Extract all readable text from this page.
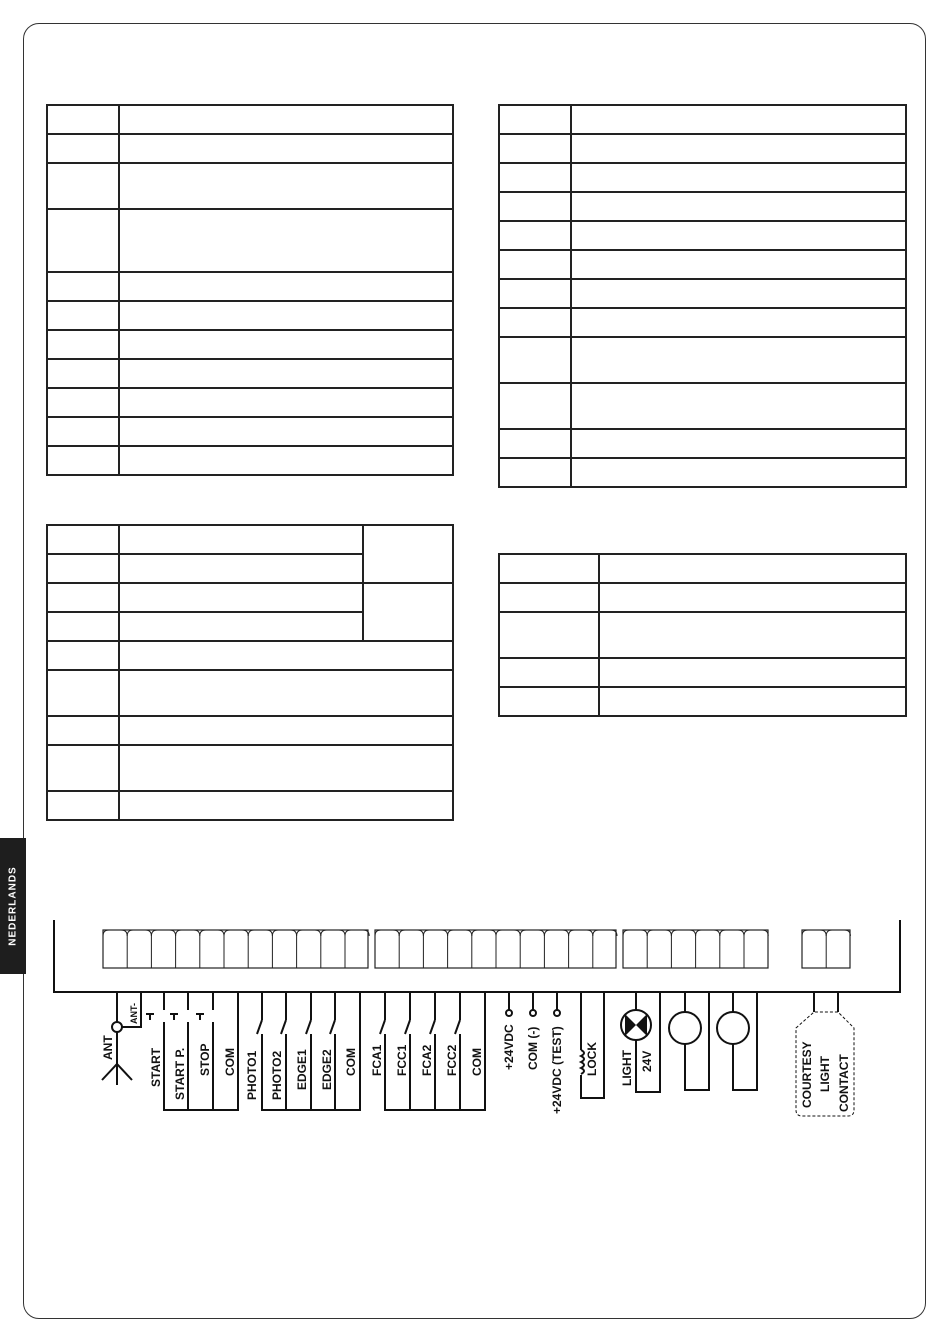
NEDERLANDS
ANT
ANT-
START START P. STOP COM PHOTO1 PHOTO2 EDGE1 EDGE2 COM FCA1 FCC1 FCA2 FCC2 COM +24VDC COM (-) +24VDC (TEST) LOCK LIGHT 24V	COURTESY LIGHT CONTACT
